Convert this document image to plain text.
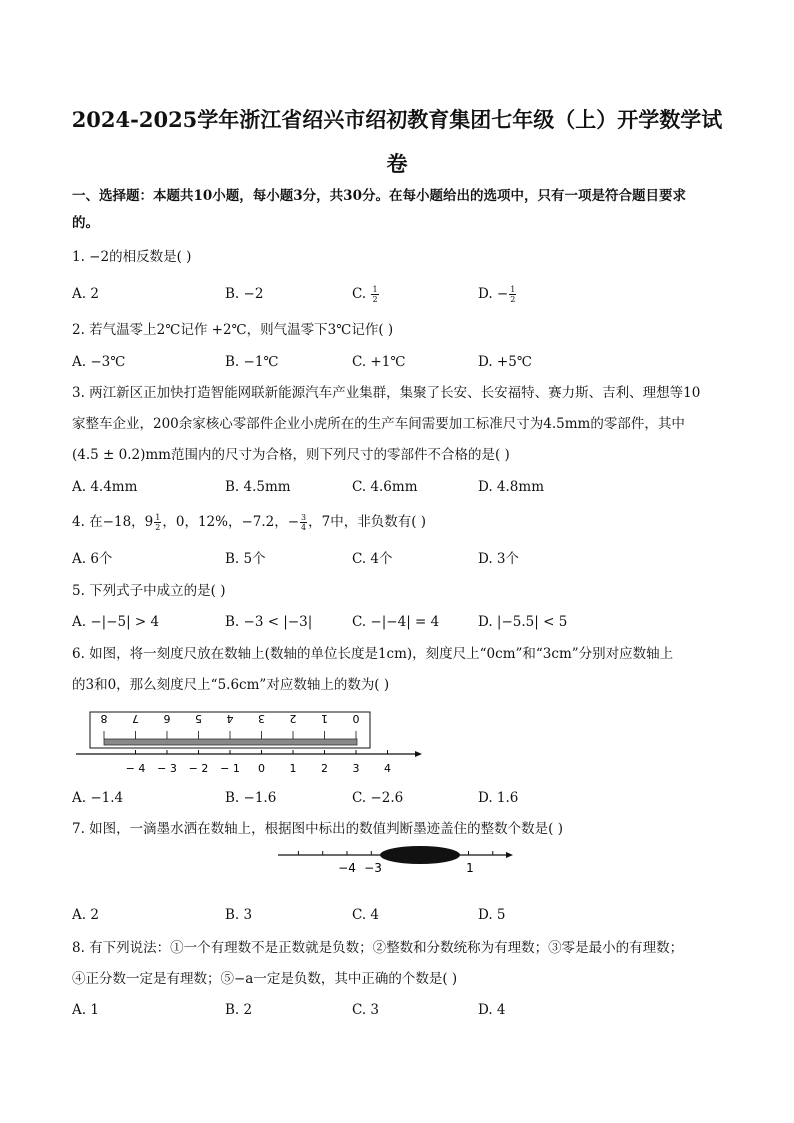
2024-2025学年浙江省绍兴市绍初教育集团七年级（上）开学数学试
卷
一、选择题：本题共10小题，每小题3分，共30分。在每小题给出的选项中，只有一项是符合题目要求
的。
1. −2的相反数是( )
A. 2	B. −2	C. $\frac{1}{2}$	D. − $\frac{1}{2}$
2. 若气温零上2℃记作 +2℃，则气温零下3℃记作( )
A. −3℃	B. −1℃	C. +1℃	D. +5℃
3. 两江新区正加快打造智能网联新能源汽车产业集群，集聚了长安、长安福特、赛力斯、吉利、理想等10
家整车企业，200余家核心零部件企业小虎所在的生产车间需要加工标准尺寸为4.5mm的零部件，其中
(4.5 ± 0.2)mm范围内的尺寸为合格，则下列尺寸的零部件不合格的是( )
A. 4.4mm	B. 4.5mm	C. 4.6mm	D. 4.8mm
4. 在−18，$9 \frac{1}{2}$ ，0，12%，−7.2，− $\frac{3}{4}$ ，7中，非负数有( )
A. 6个	B. 5个	C. 4个	D. 3个
5. 下列式子中成立的是( )
A. −|−5| > 4	B. −3 < |−3|	C. −|−4| = 4	D. |−5.5| < 5
6. 如图，将一刻度尺放在数轴上(数轴的单位长度是1cm)，刻度尺上“0cm”和“3cm”分别对应数轴上
的3和0，那么刻度尺上“5.6cm”对应数轴上的数为( )
8 7 6 5 4 3 2 1 0
− 4 − 3 − 2 − 1 0 1 2 3 4
A. −1.4	B. −1.6	C. −2.6	D. 1.6
7. 如图，一滴墨水洒在数轴上，根据图中标出的数值判断墨迹盖住的整数个数是( )
−4 −3	1
A. 2	B. 3	C. 4	D. 5
8. 有下列说法：①一个有理数不是正数就是负数；②整数和分数统称为有理数；③零是最小的有理数；
④正分数一定是有理数；⑤−a一定是负数，其中正确的个数是( )
A. 1	B. 2	C. 3	D. 4
